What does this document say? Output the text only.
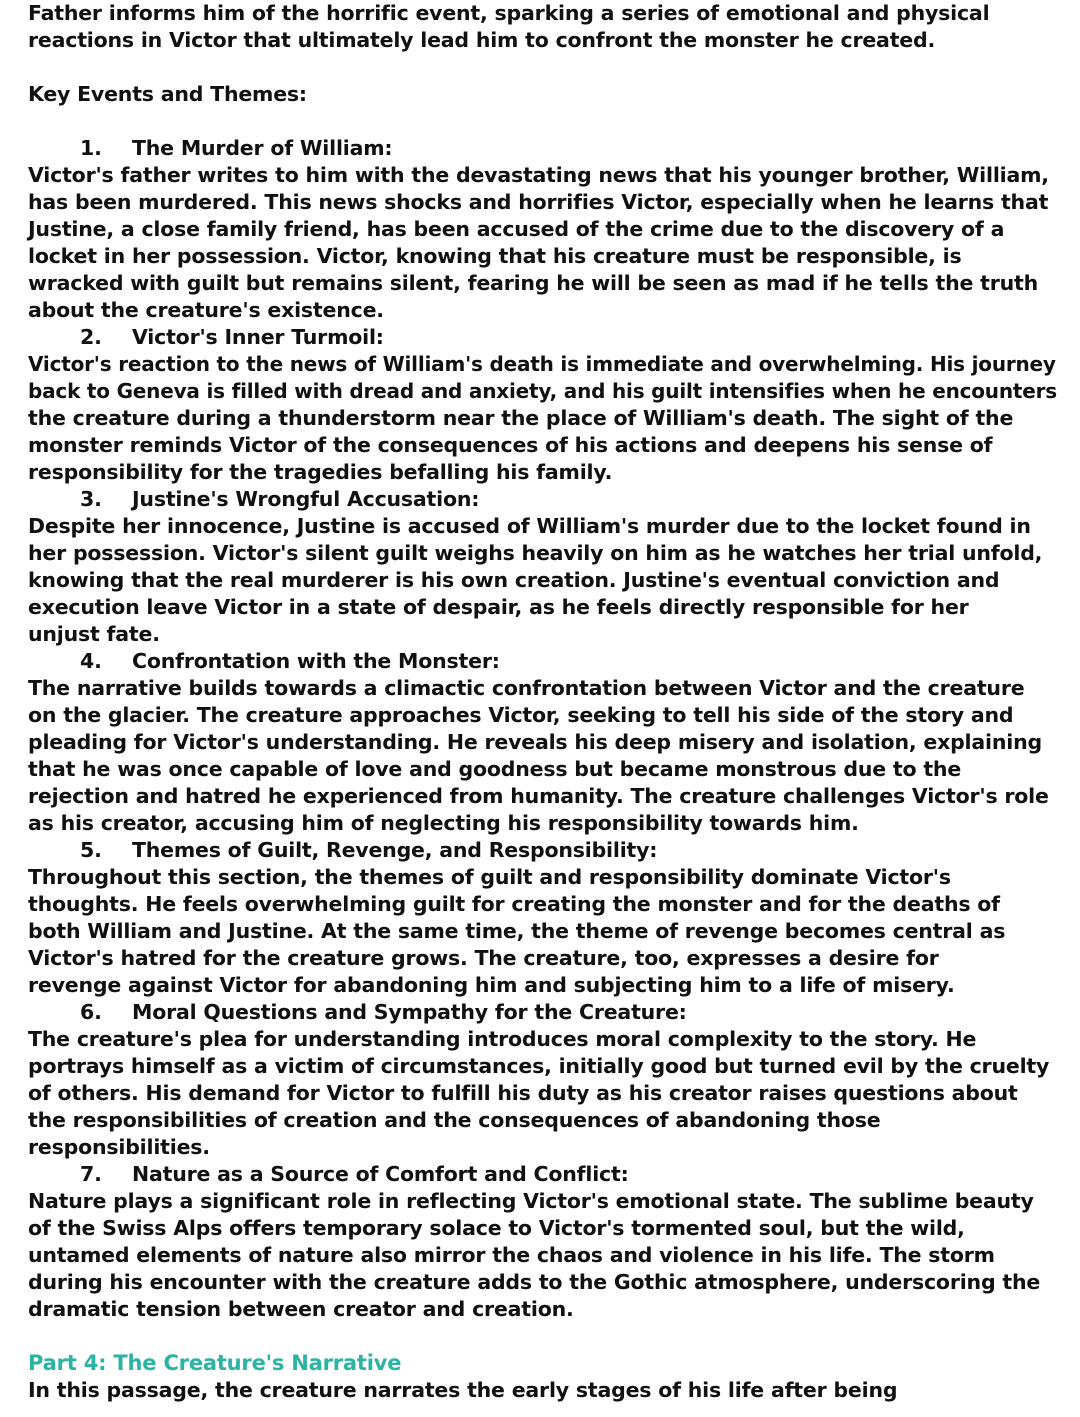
Father informs him of the horrific event, sparking a series of emotional and physical

reactions in Victor that ultimately lead him to confront the monster he created.

Key Events and Themes:

1. The Murder of William:

Victor's father writes to him with the devastating news that his younger brother, William,

has been murdered. This news shocks and horrifies Victor, especially when he learns that

Justine, a close family friend, has been accused of the crime due to the discovery of a

locket in her possession. Victor, knowing that his creature must be responsible, is

wracked with guilt but remains silent, fearing he will be seen as mad if he tells the truth

about the creature's existence.

2. Victor's Inner Turmoil:

Victor's reaction to the news of William's death is immediate and overwhelming. His journey

back to Geneva is filled with dread and anxiety, and his guilt intensifies when he encounters

the creature during a thunderstorm near the place of William's death. The sight of the

monster reminds Victor of the consequences of his actions and deepens his sense of

responsibility for the tragedies befalling his family.

3. Justine's Wrongful Accusation:

Despite her innocence, Justine is accused of William's murder due to the locket found in

her possession. Victor's silent guilt weighs heavily on him as he watches her trial unfold,

knowing that the real murderer is his own creation. Justine's eventual conviction and

execution leave Victor in a state of despair, as he feels directly responsible for her

unjust fate.

4. Confrontation with the Monster:

The narrative builds towards a climactic confrontation between Victor and the creature

on the glacier. The creature approaches Victor, seeking to tell his side of the story and

pleading for Victor's understanding. He reveals his deep misery and isolation, explaining

that he was once capable of love and goodness but became monstrous due to the

rejection and hatred he experienced from humanity. The creature challenges Victor's role

as his creator, accusing him of neglecting his responsibility towards him.

5. Themes of Guilt, Revenge, and Responsibility:

Throughout this section, the themes of guilt and responsibility dominate Victor's

thoughts. He feels overwhelming guilt for creating the monster and for the deaths of

both William and Justine. At the same time, the theme of revenge becomes central as

Victor's hatred for the creature grows. The creature, too, expresses a desire for

revenge against Victor for abandoning him and subjecting him to a life of misery.

6. Moral Questions and Sympathy for the Creature:

The creature's plea for understanding introduces moral complexity to the story. He

portrays himself as a victim of circumstances, initially good but turned evil by the cruelty

of others. His demand for Victor to fulfill his duty as his creator raises questions about

the responsibilities of creation and the consequences of abandoning those

responsibilities.

7. Nature as a Source of Comfort and Conflict:

Nature plays a significant role in reflecting Victor's emotional state. The sublime beauty

of the Swiss Alps offers temporary solace to Victor's tormented soul, but the wild,

untamed elements of nature also mirror the chaos and violence in his life. The storm

during his encounter with the creature adds to the Gothic atmosphere, underscoring the

dramatic tension between creator and creation.

Part 4: The Creature's Narrative

In this passage, the creature narrates the early stages of his life after being
